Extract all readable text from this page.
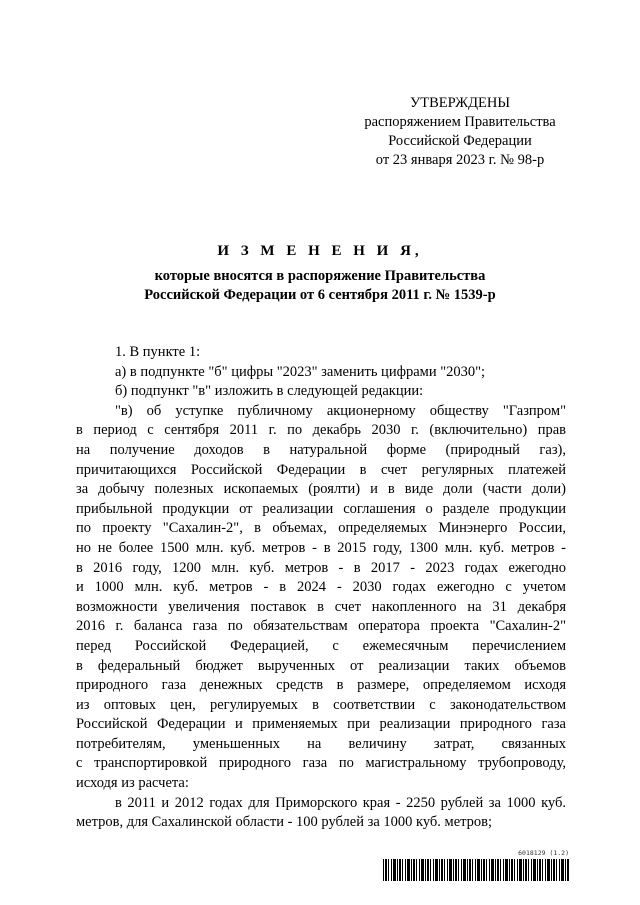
УТВЕРЖДЕНЫ
распоряжением Правительства
Российской Федерации
от 23 января 2023 г. № 98-р
И З М Е Н Е Н И Я,
которые вносятся в распоряжение Правительства
Российской Федерации от 6 сентября 2011 г. № 1539-р
1. В пункте 1:
а) в подпункте "б" цифры "2023" заменить цифрами "2030";
б) подпункт "в" изложить в следующей редакции:
"в) об уступке публичному акционерному обществу "Газпром"
в период с сентября 2011 г. по декабрь 2030 г. (включительно) прав
на получение доходов в натуральной форме (природный газ),
причитающихся Российской Федерации в счет регулярных платежей
за добычу полезных ископаемых (роялти) и в виде доли (части доли)
прибыльной продукции от реализации соглашения о разделе продукции
по проекту "Сахалин-2", в объемах, определяемых Минэнерго России,
но не более 1500 млн. куб. метров - в 2015 году, 1300 млн. куб. метров -
в 2016 году, 1200 млн. куб. метров - в 2017 - 2023 годах ежегодно
и 1000 млн. куб. метров - в 2024 - 2030 годах ежегодно с учетом
возможности увеличения поставок в счет накопленного на 31 декабря
2016 г. баланса газа по обязательствам оператора проекта "Сахалин-2"
перед Российской Федерацией, с ежемесячным перечислением
в федеральный бюджет вырученных от реализации таких объемов
природного газа денежных средств в размере, определяемом исходя
из оптовых цен, регулируемых в соответствии с законодательством
Российской Федерации и применяемых при реализации природного газа
потребителям, уменьшенных на величину затрат, связанных
с транспортировкой природного газа по магистральному трубопроводу,
исходя из расчета:
в 2011 и 2012 годах для Приморского края - 2250 рублей за 1000 куб.
метров, для Сахалинской области - 100 рублей за 1000 куб. метров;
6018129 (1.2)
